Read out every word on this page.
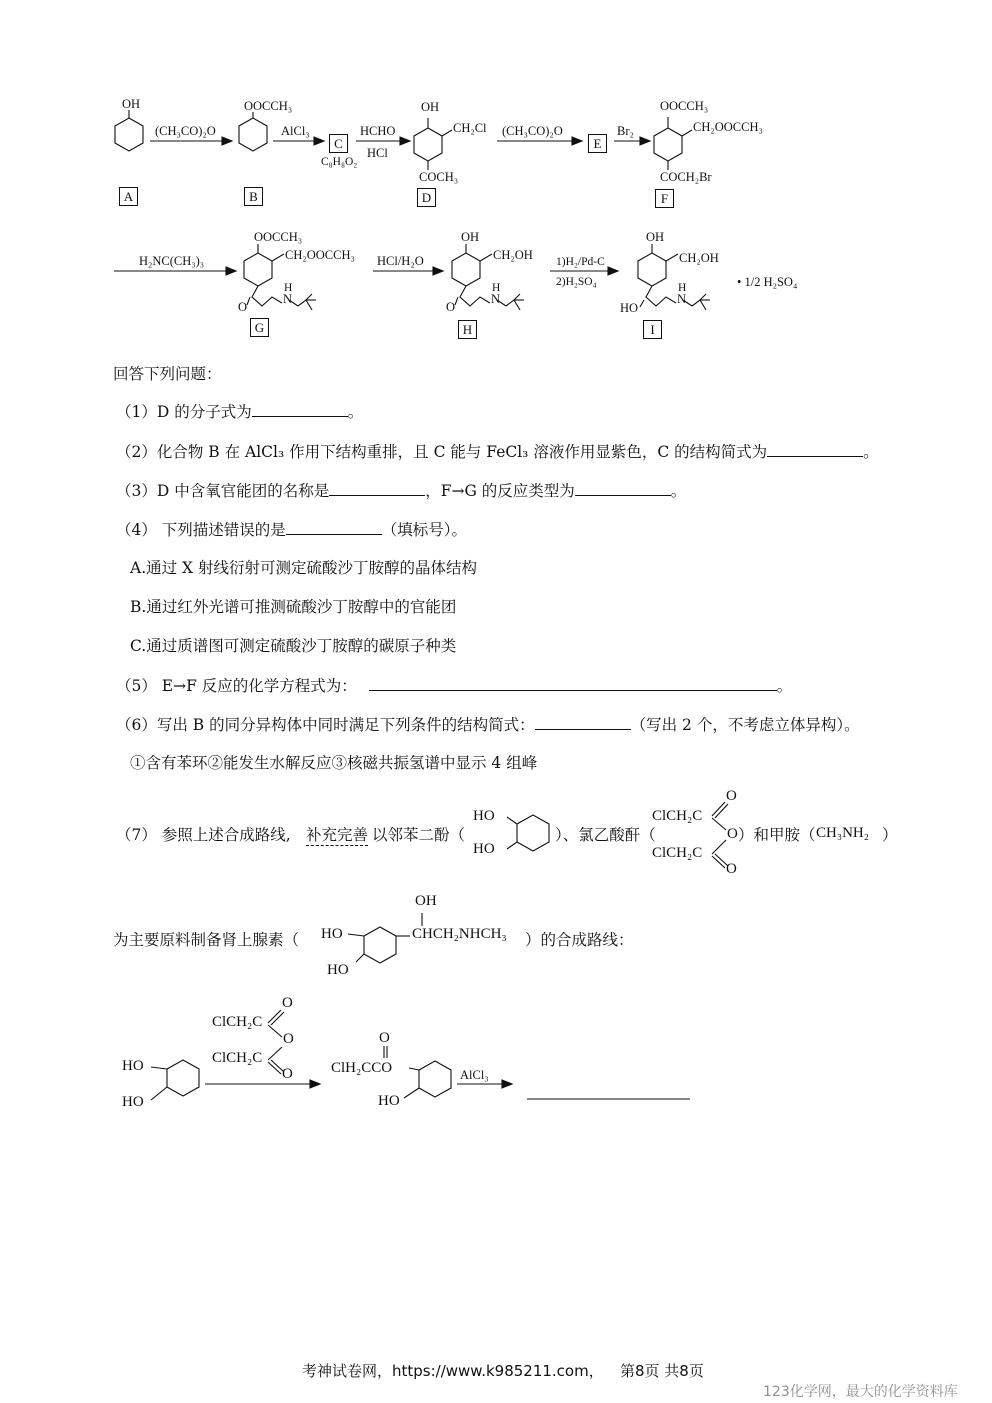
OH
A
(CH₃CO)₂O
OOCCH₃
B
AlCl₃
C
C₈H₈O₂
HCHO
HCl
OH
CH₂Cl
COCH₃
D
(CH₃CO)₂O
E
Br₂
OOCCH₃
CH₂OOCCH₃
COCH₂Br
F
H₂NC(CH₃)₃
OOCCH₃
CH₂OOCCH₃
O
N
H
G
HCl/H₂O
OH
CH₂OH
O
N
H
H
1)H₂/Pd-C
2)H₂SO₄
OH
CH₂OH
HO
N
H	• 1/2 H₂SO₄
I
回答下列问题：
（1）D 的分子式为	。
（2）化合物 B 在 AlCl₃ 作用下结构重排，且 C 能与 FeCl₃ 溶液作用显紫色，C 的结构简式为	。
（3）D 中含氧官能团的名称是	，F→G 的反应类型为	。
（4） 下列描述错误的是	（填标号）。
A.通过 X 射线衍射可测定硫酸沙丁胺醇的晶体结构
B.通过红外光谱可推测硫酸沙丁胺醇中的官能团
C.通过质谱图可测定硫酸沙丁胺醇的碳原子种类
（5） E→F 反应的化学方程式为：	。
（6）写出 B 的同分异构体中同时满足下列条件的结构简式：	（写出 2 个，不考虑立体异构）。
①含有苯环②能发生水解反应③核磁共振氢谱中显示 4 组峰
（7） 参照上述合成路线, 补充完善 以邻苯二酚（
HO
HO
）、氯乙酸酐（
ClCH₂C
ClCH₂C
O
O
O
）和甲胺（ CH₃NH₂ ）
为主要原料制备肾上腺素（
OH
CHCH₂NHCH₃
HO
HO
）的合成路线：
ClCH₂C
ClCH₂C
O
O
O
HO
HO
ClH₂CCO
O
HO
AlCl₃
考神试卷网，https://www.k985211.com， 第8页 共8页
123化学网，最大的化学资料库
